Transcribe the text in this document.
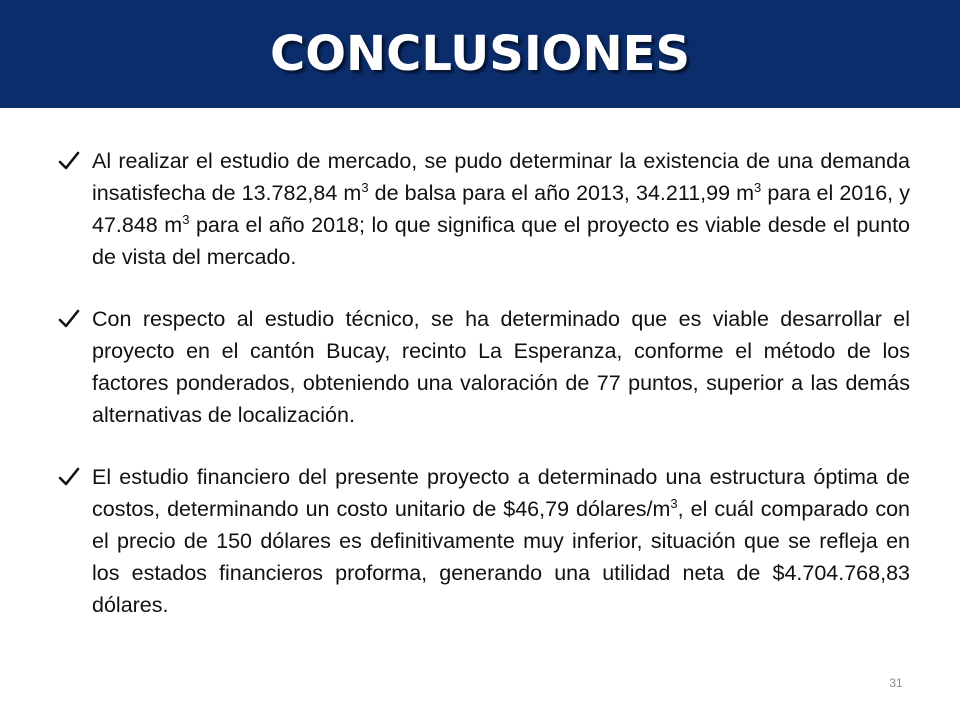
CONCLUSIONES
Al realizar el estudio de mercado, se pudo determinar la existencia de una demanda insatisfecha de 13.782,84 $m^3$ de balsa para el año 2013, 34.211,99 $m^3$ para el 2016, y 47.848 $m^3$ para el año 2018; lo que significa que el proyecto es viable desde el punto de vista del mercado.
Con respecto al estudio técnico, se ha determinado que es viable desarrollar el proyecto en el cantón Bucay, recinto La Esperanza, conforme el método de los factores ponderados, obteniendo una valoración de 77 puntos, superior a las demás alternativas de localización.
El estudio financiero del presente proyecto a determinado una estructura óptima de costos, determinando un costo unitario de $46,79 dólares/$m^3$, el cuál comparado con el precio de 150 dólares es definitivamente muy inferior, situación que se refleja en los estados financieros proforma, generando una utilidad neta de $4.704.768,83 dólares.
31
